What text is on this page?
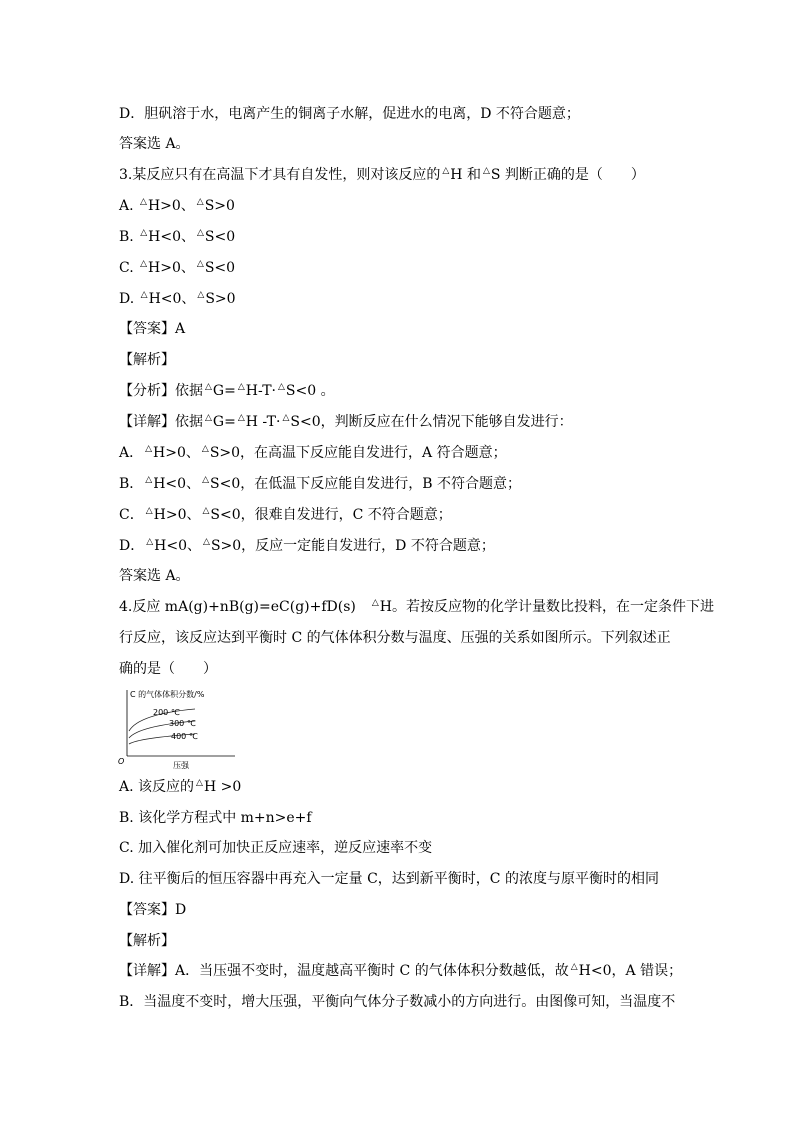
D．胆矾溶于水，电离产生的铜离子水解，促进水的电离，D 不符合题意；
答案选 A。
3.某反应只有在高温下才具有自发性，则对该反应的 △H 和 △S 判断正确的是（　　）
A. △H>0、 △S>0
B. △H<0、 △S<0
C. △H>0、 △S<0
D. △H<0、 △S>0
【答案】A
【解析】
【分析】依据 △G= △H-T· △S<0 。
【详解】依据 △G= △H -T· △S<0，判断反应在什么情况下能够自发进行：
A． △H>0、 △S>0，在高温下反应能自发进行，A 符合题意；
B． △H<0、 △S<0，在低温下反应能自发进行，B 不符合题意；
C． △H>0、 △S<0，很难自发进行，C 不符合题意；
D． △H<0、 △S>0，反应一定能自发进行，D 不符合题意；
答案选 A。
4.反应 mA(g)+nB(g)=eC(g)+fD(s)　△H。若按反应物的化学计量数比投料，在一定条件下进
行反应，该反应达到平衡时 C 的气体体积分数与温度、压强的关系如图所示。下列叙述正
确的是（　　）
A. 该反应的 △H >0
B. 该化学方程式中 m+n>e+f
C. 加入催化剂可加快正反应速率，逆反应速率不变
D. 往平衡后的恒压容器中再充入一定量 C，达到新平衡时，C 的浓度与原平衡时的相同
【答案】D
【解析】
【详解】A．当压强不变时，温度越高平衡时 C 的气体体积分数越低，故 △H<0，A 错误；
B．当温度不变时，增大压强，平衡向气体分子数减小的方向进行。由图像可知，当温度不
C 的气体体积分数/%
压强
O
200 ℃
300 ℃
400 ℃
